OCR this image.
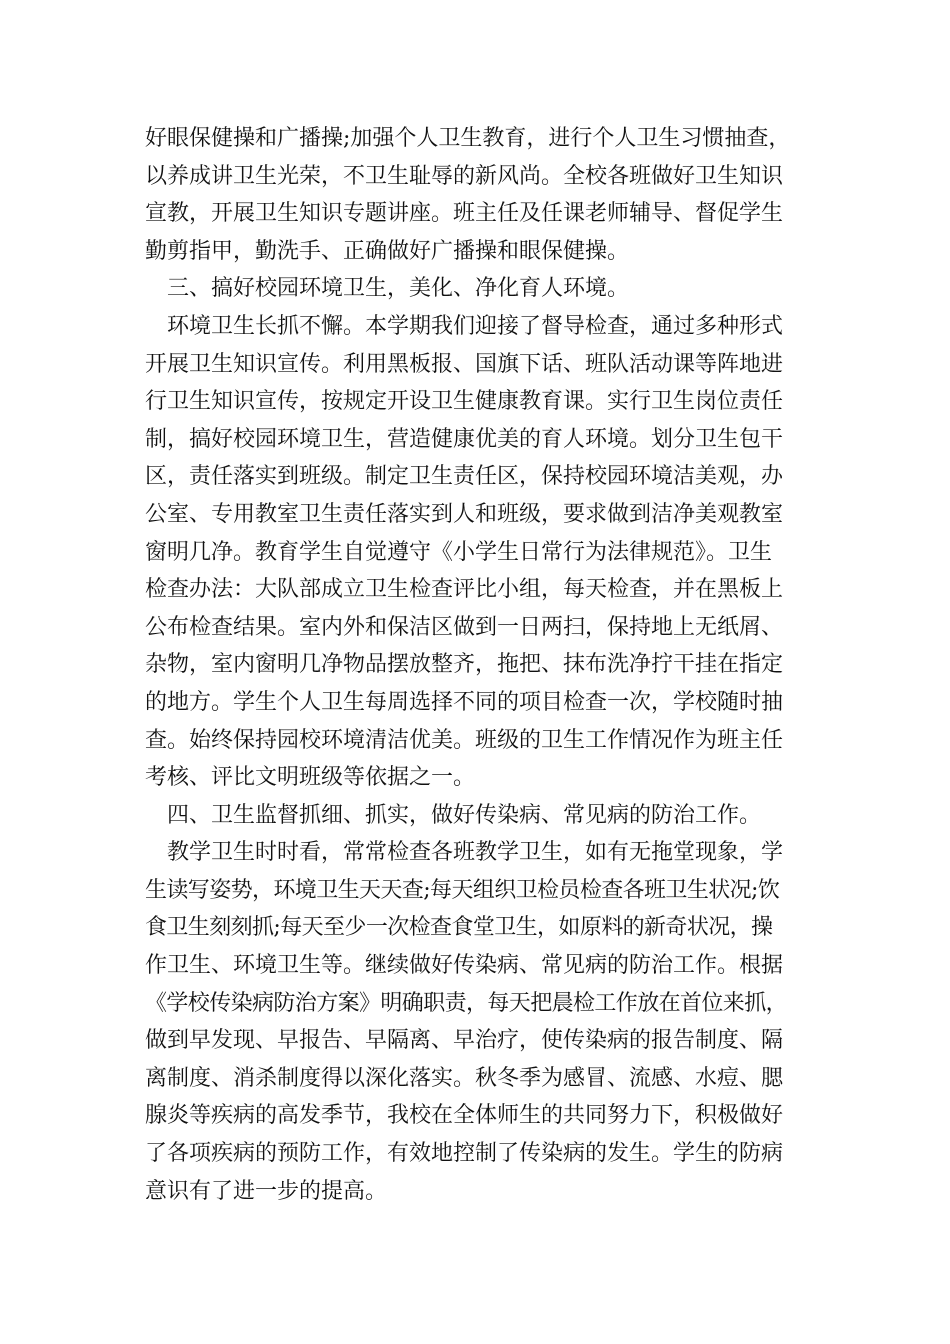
好眼保健操和广播操;加强个人卫生教育，进行个人卫生习惯抽查，
以养成讲卫生光荣，不卫生耻辱的新风尚。全校各班做好卫生知识
宣教，开展卫生知识专题讲座。班主任及任课老师辅导、督促学生
勤剪指甲，勤洗手、正确做好广播操和眼保健操。
三、搞好校园环境卫生，美化、净化育人环境。
环境卫生长抓不懈。本学期我们迎接了督导检查，通过多种形式
开展卫生知识宣传。利用黑板报、国旗下话、班队活动课等阵地进
行卫生知识宣传，按规定开设卫生健康教育课。实行卫生岗位责任
制，搞好校园环境卫生，营造健康优美的育人环境。划分卫生包干
区，责任落实到班级。制定卫生责任区，保持校园环境洁美观，办
公室、专用教室卫生责任落实到人和班级，要求做到洁净美观教室
窗明几净。教育学生自觉遵守《小学生日常行为法律规范》。卫生
检查办法：大队部成立卫生检查评比小组，每天检查，并在黑板上
公布检查结果。室内外和保洁区做到一日两扫，保持地上无纸屑、
杂物，室内窗明几净物品摆放整齐，拖把、抹布洗净拧干挂在指定
的地方。学生个人卫生每周选择不同的项目检查一次，学校随时抽
查。始终保持园校环境清洁优美。班级的卫生工作情况作为班主任
考核、评比文明班级等依据之一。
四、卫生监督抓细、抓实，做好传染病、常见病的防治工作。
教学卫生时时看，常常检查各班教学卫生，如有无拖堂现象，学
生读写姿势，环境卫生天天查;每天组织卫检员检查各班卫生状况;饮
食卫生刻刻抓;每天至少一次检查食堂卫生，如原料的新奇状况，操
作卫生、环境卫生等。继续做好传染病、常见病的防治工作。根据
《学校传染病防治方案》明确职责，每天把晨检工作放在首位来抓，
做到早发现、早报告、早隔离、早治疗，使传染病的报告制度、隔
离制度、消杀制度得以深化落实。秋冬季为感冒、流感、水痘、腮
腺炎等疾病的高发季节，我校在全体师生的共同努力下，积极做好
了各项疾病的预防工作，有效地控制了传染病的发生。学生的防病
意识有了进一步的提高。
